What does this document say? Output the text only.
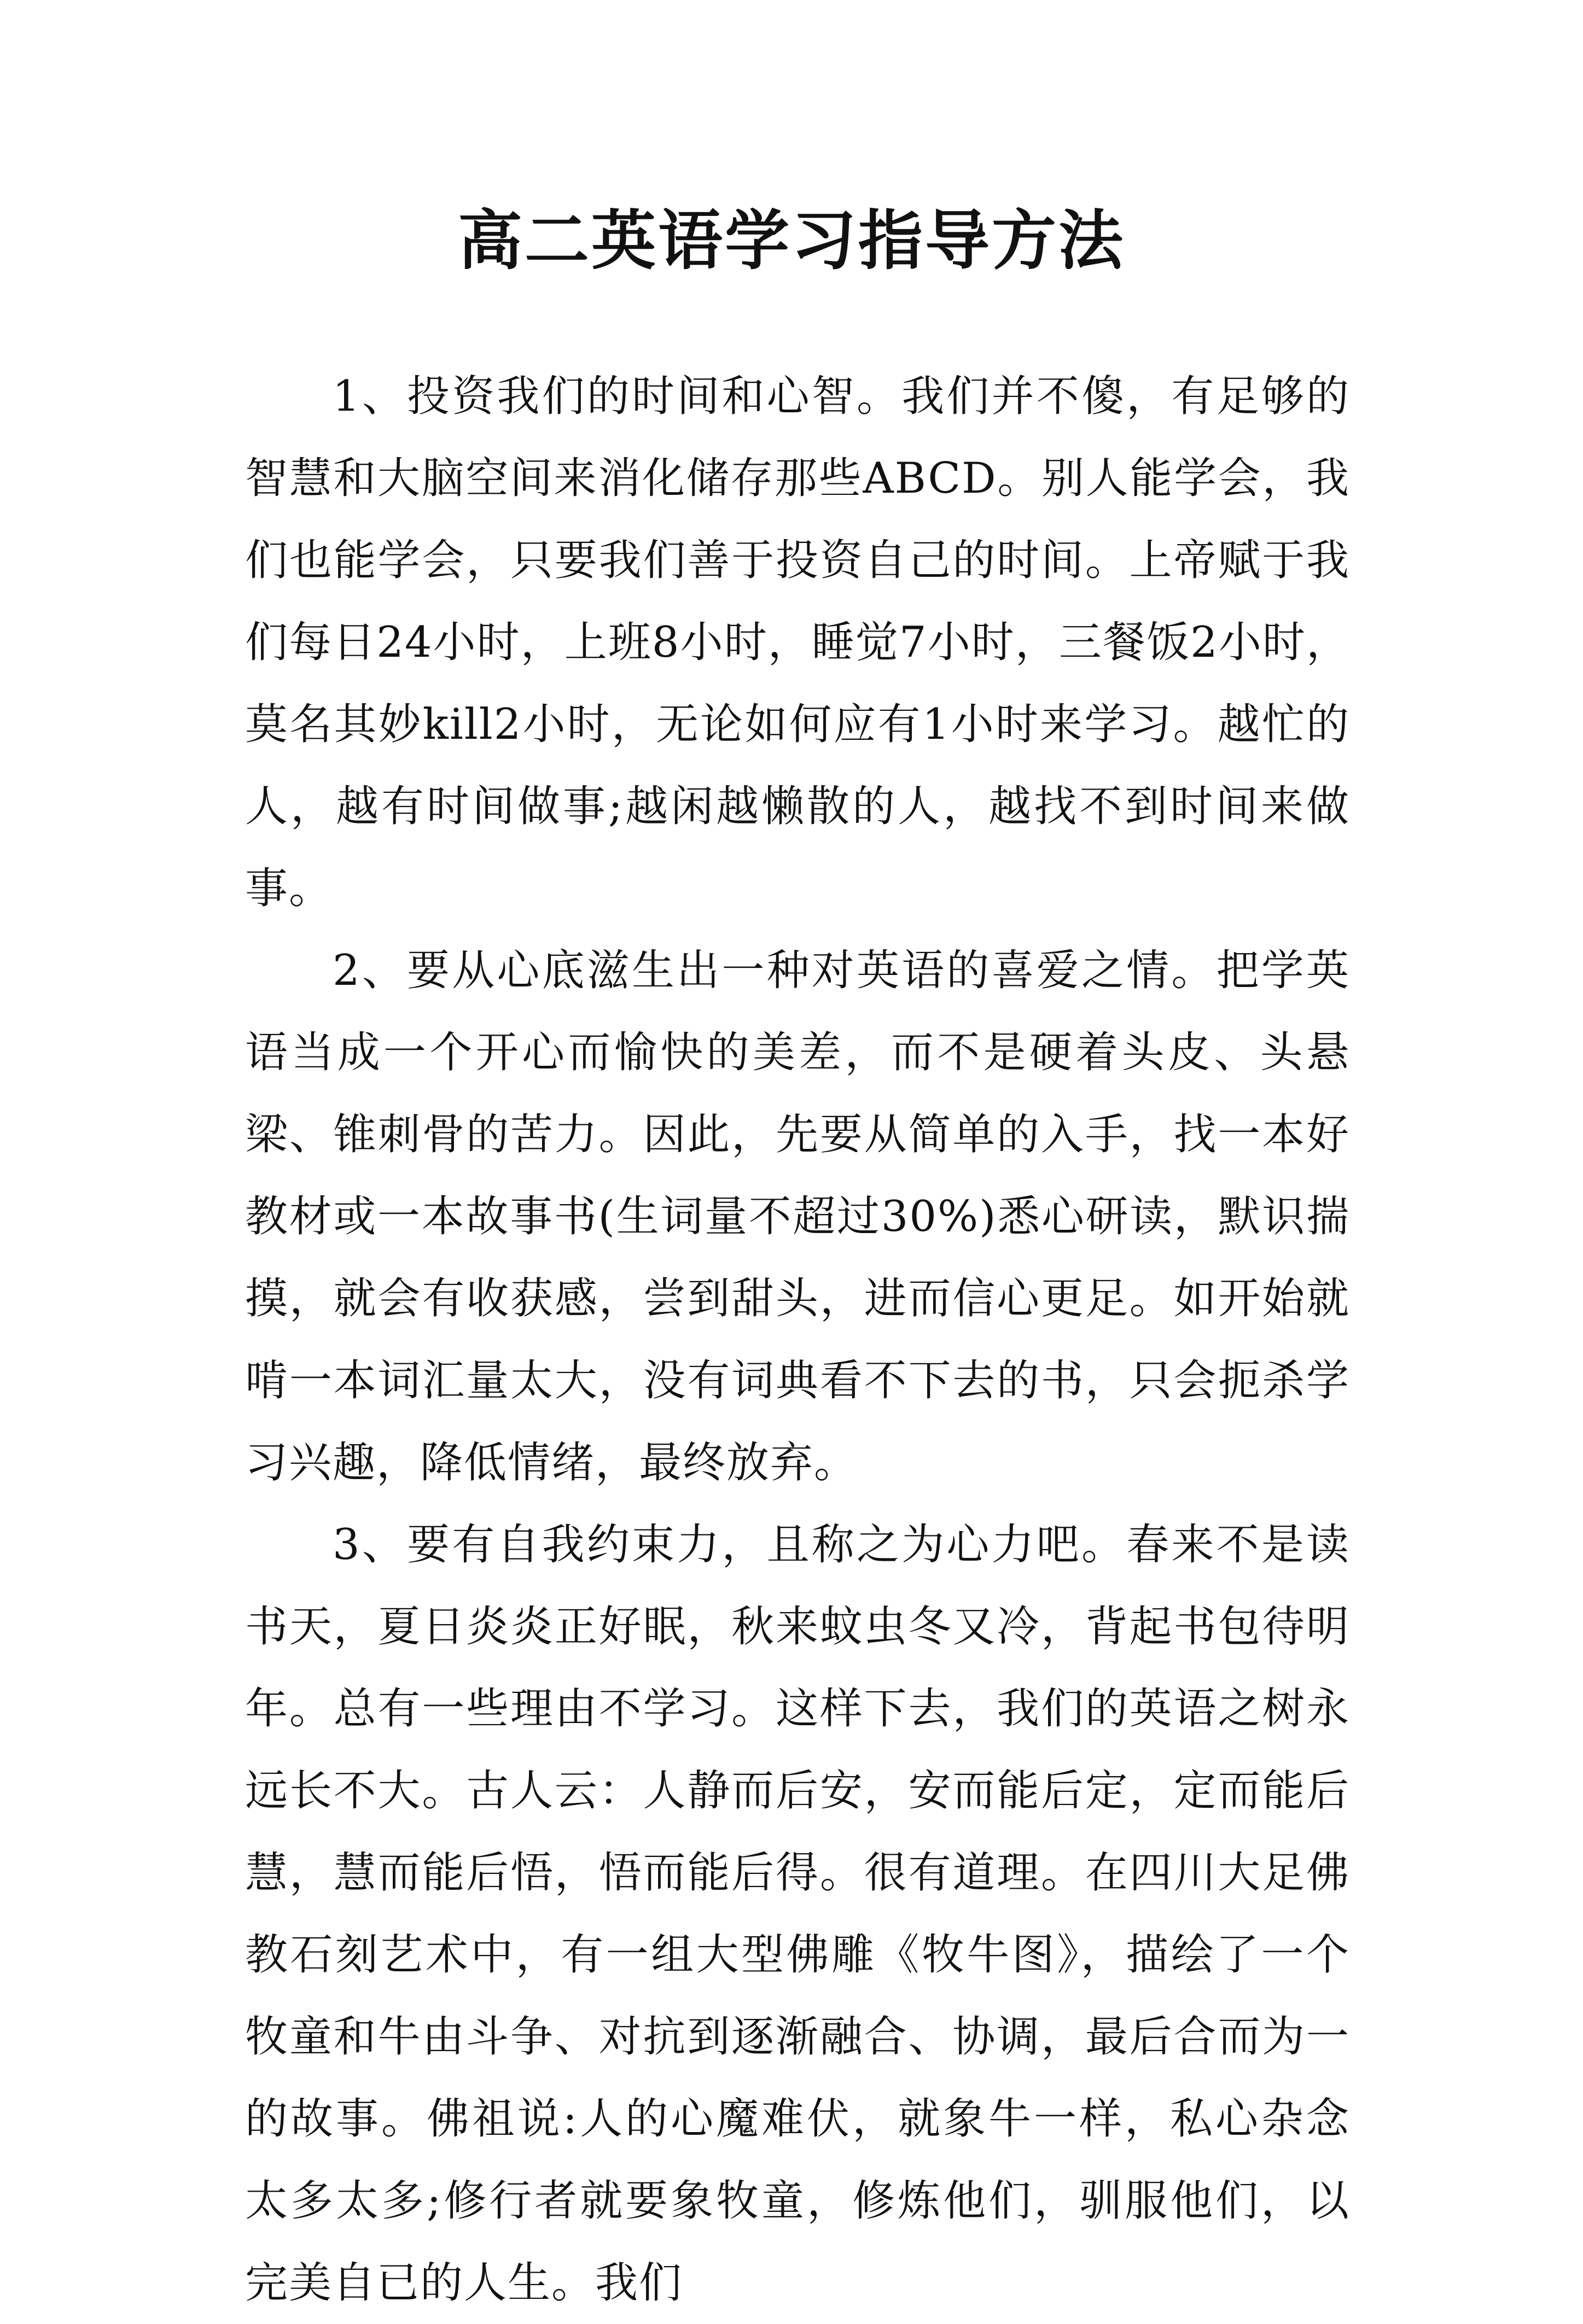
高二英语学习指导方法

1、投资我们的时间和心智。我们并不傻，有足够的智慧和大脑空间来消化储存那些ABCD。别人能学会，我们也能学会，只要我们善于投资自己的时间。上帝赋于我们每日24小时，上班8小时，睡觉7小时，三餐饭2小时，莫名其妙kill2小时，无论如何应有1小时来学习。越忙的人，越有时间做事;越闲越懒散的人，越找不到时间来做事。

2、要从心底滋生出一种对英语的喜爱之情。把学英语当成一个开心而愉快的美差，而不是硬着头皮、头悬梁、锥刺骨的苦力。因此，先要从简单的入手，找一本好教材或一本故事书(生词量不超过30%)悉心研读，默识揣摸，就会有收获感，尝到甜头，进而信心更足。如开始就啃一本词汇量太大，没有词典看不下去的书，只会扼杀学习兴趣，降低情绪，最终放弃。

3、要有自我约束力，且称之为心力吧。春来不是读书天，夏日炎炎正好眠，秋来蚊虫冬又冷，背起书包待明年。总有一些理由不学习。这样下去，我们的英语之树永远长不大。古人云：人静而后安，安而能后定，定而能后慧，慧而能后悟，悟而能后得。很有道理。在四川大足佛教石刻艺术中，有一组大型佛雕《牧牛图》，描绘了一个牧童和牛由斗争、对抗到逐渐融合、协调，最后合而为一的故事。佛祖说:人的心魔难伏，就象牛一样，私心杂念太多太多;修行者就要象牧童，修炼他们，驯服他们，以完美自已的人生。我们
